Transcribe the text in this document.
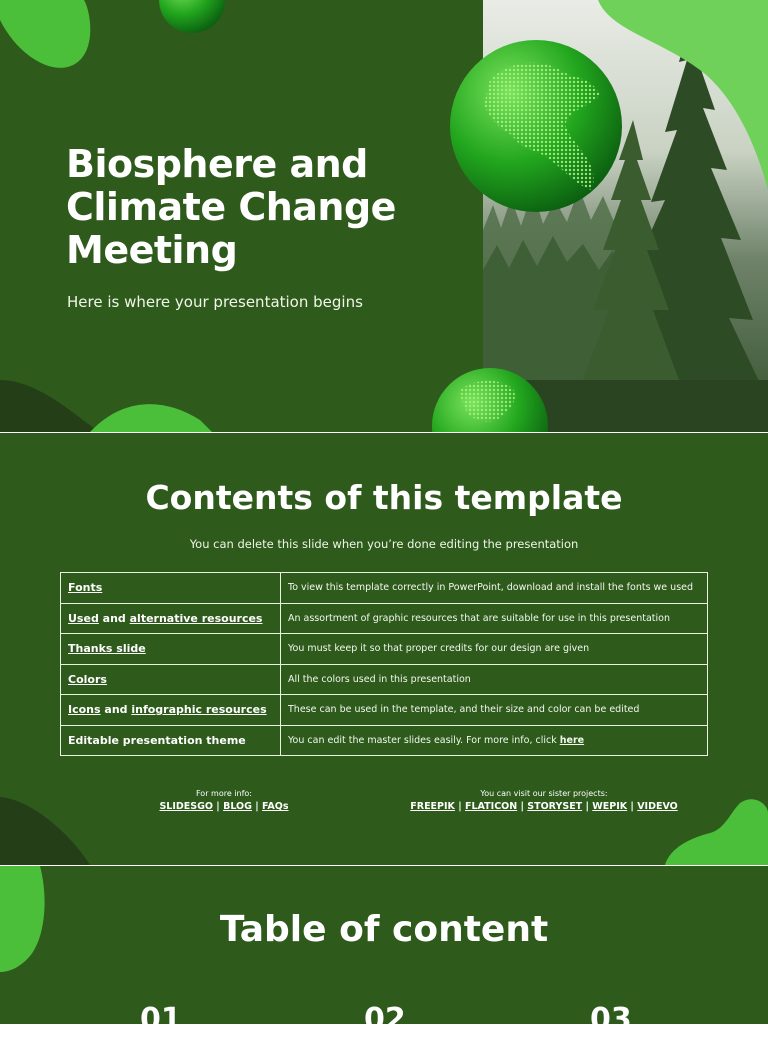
Biosphere and Climate Change Meeting

Here is where your presentation begins

Contents of this template

You can delete this slide when you’re done editing the presentation

Fonts	To view this template correctly in PowerPoint, download and install the fonts we used
Used and alternative resources	An assortment of graphic resources that are suitable for use in this presentation
Thanks slide	You must keep it so that proper credits for our design are given
Colors	All the colors used in this presentation
Icons and infographic resources	These can be used in the template, and their size and color can be edited
Editable presentation theme	You can edit the master slides easily. For more info, click here
For more info:
SLIDESGO | BLOG | FAQs
You can visit our sister projects:
FREEPIK | FLATICON | STORYSET | WEPIK | VIDEVO
Table of content

01	02	03
